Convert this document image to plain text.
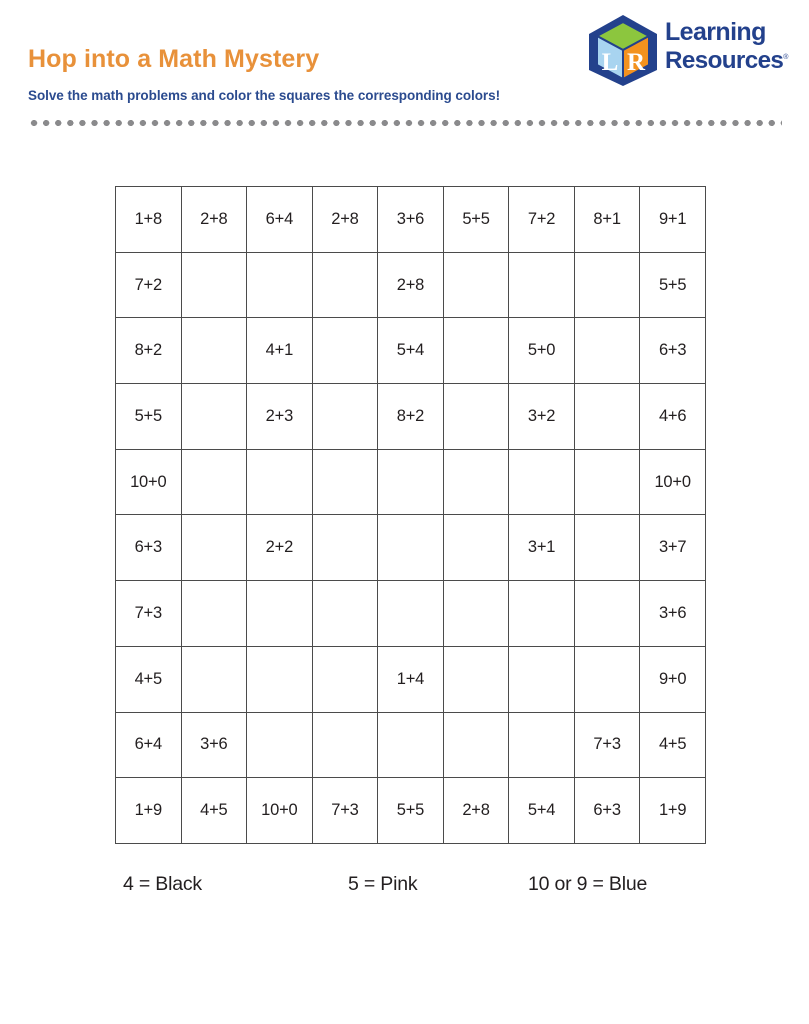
Hop into a Math Mystery
Solve the math problems and color the squares the corresponding colors!
L R
Learning
Resources®
1+8	2+8	6+4	2+8	3+6	5+5	7+2	8+1	9+1
7+2				2+8				5+5
8+2		4+1		5+4		5+0		6+3
5+5		2+3		8+2		3+2		4+6
10+0								10+0
6+3		2+2				3+1		3+7
7+3								3+6
4+5				1+4				9+0
6+4	3+6						7+3	4+5
1+9	4+5	10+0	7+3	5+5	2+8	5+4	6+3	1+9
4 = Black	5 = Pink	10 or 9 = Blue
